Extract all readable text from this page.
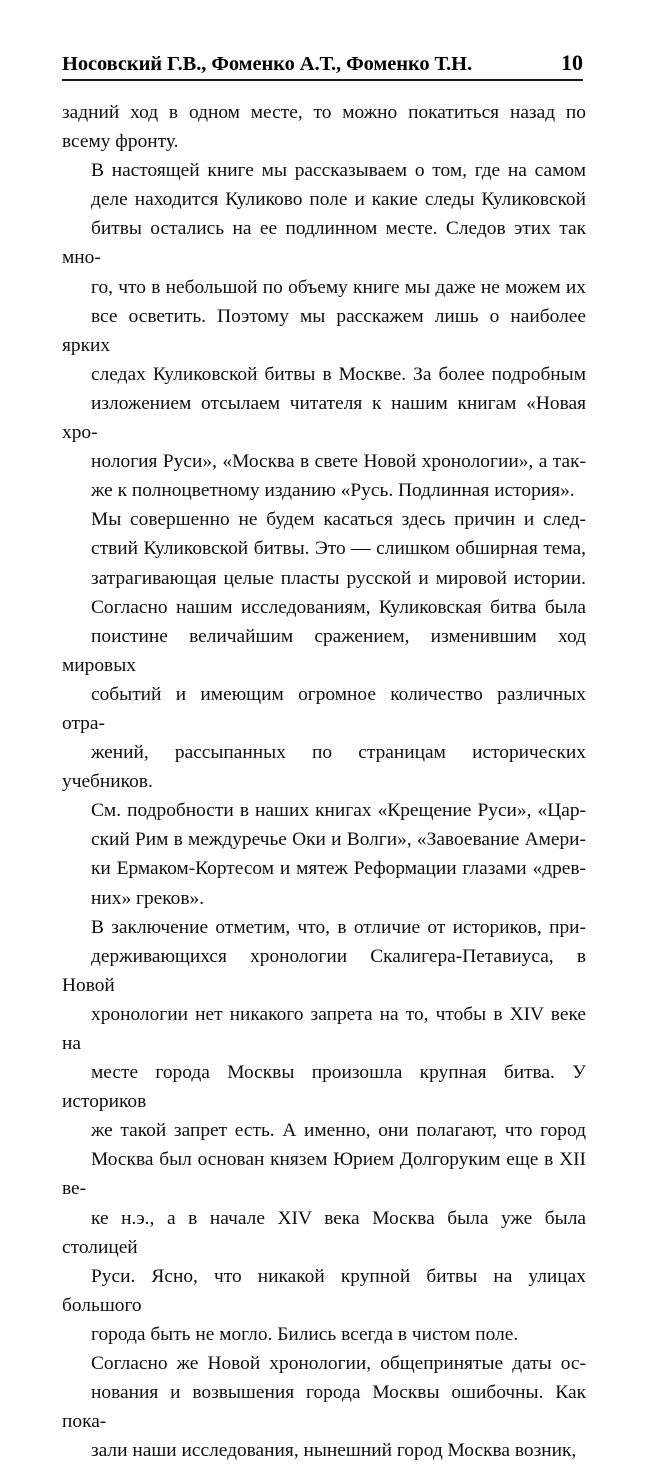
Носовский Г.В., Фоменко А.Т., Фоменко Т.Н.	10

задний ход в одном месте, то можно покатиться назад по
всему фронту.

В настоящей книге мы рассказываем о том, где на самом
деле находится Куликово поле и какие следы Куликовской
битвы остались на ее подлинном месте. Следов этих так мно-
го, что в небольшой по объему книге мы даже не можем их
все осветить. Поэтому мы расскажем лишь о наиболее ярких
следах Куликовской битвы в Москве. За более подробным
изложением отсылаем читателя к нашим книгам «Новая хро-
нология Руси», «Москва в свете Новой хронологии», а так-
же к полноцветному изданию «Русь. Подлинная история».

Мы совершенно не будем касаться здесь причин и след-
ствий Куликовской битвы. Это — слишком обширная тема,
затрагивающая целые пласты русской и мировой истории.
Согласно нашим исследованиям, Куликовская битва была
поистине величайшим сражением, изменившим ход мировых
событий и имеющим огромное количество различных отра-
жений, рассыпанных по страницам исторических учебников.
См. подробности в наших книгах «Крещение Руси», «Цар-
ский Рим в междуречье Оки и Волги», «Завоевание Амери-
ки Ермаком-Кортесом и мятеж Реформации глазами «древ-
них» греков».

В заключение отметим, что, в отличие от историков, при-
держивающихся хронологии Скалигера-Петавиуса, в Новой
хронологии нет никакого запрета на то, чтобы в XIV веке на
месте города Москвы произошла крупная битва. У историков
же такой запрет есть. А именно, они полагают, что город
Москва был основан князем Юрием Долгоруким еще в XII ве-
ке н.э., а в начале XIV века Москва была уже была столицей
Руси. Ясно, что никакой крупной битвы на улицах большого
города быть не могло. Бились всегда в чистом поле.

Согласно же Новой хронологии, общепринятые даты ос-
нования и возвышения города Москвы ошибочны. Как пока-
зали наши исследования, нынешний город Москва возник,
